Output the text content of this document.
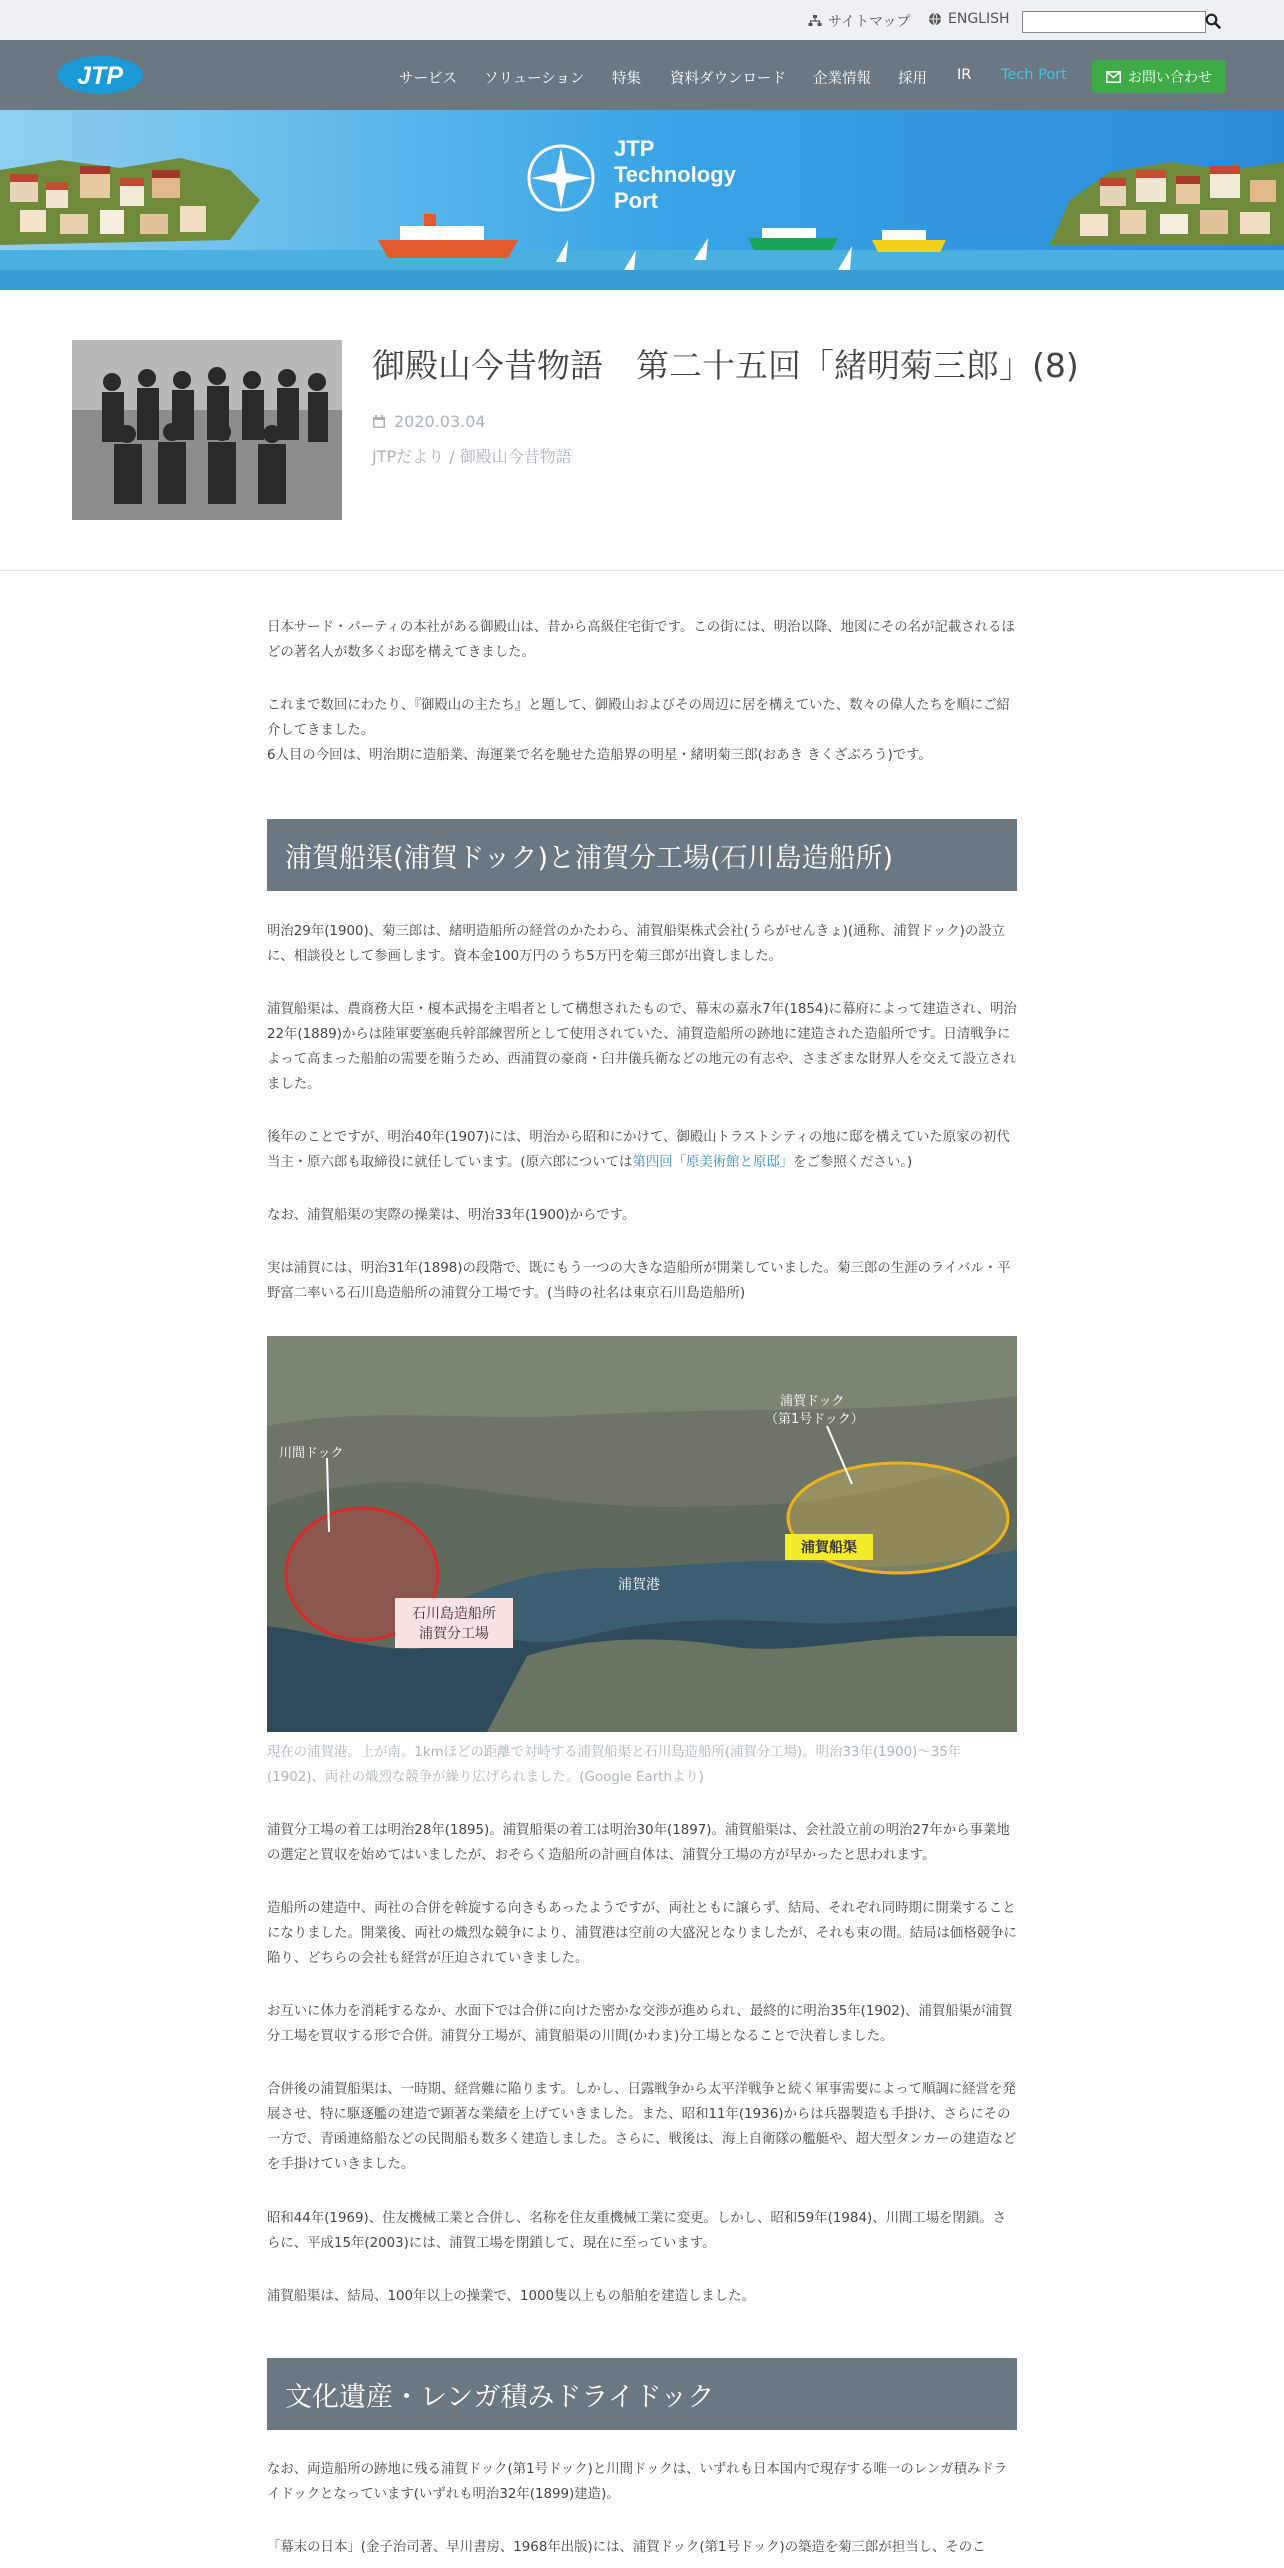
サイトマップ	ENGLISH
JTP	サービス ソリューション 特集 資料ダウンロード 企業情報 採用 IR Tech Port	お問い合わせ
JTP
Technology
Port
御殿山今昔物語　第二十五回「緒明菊三郎」(8)
2020.03.04
JTPだより / 御殿山今昔物語
日本サード・パーティの本社がある御殿山は、昔から高級住宅街です。この街には、明治以降、地図にその名が記載されるほどの著名人が数多くお邸を構えてきました。
これまで数回にわたり、『御殿山の主たち』と題して、御殿山およびその周辺に居を構えていた、数々の偉人たちを順にご紹介してきました。
6人目の今回は、明治期に造船業、海運業で名を馳せた造船界の明星・緒明菊三郎(おあき きくざぶろう)です。
浦賀船渠(浦賀ドック)と浦賀分工場(石川島造船所)
明治29年(1900)、菊三郎は、緒明造船所の経営のかたわら、浦賀船渠株式会社(うらがせんきょ)(通称、浦賀ドック)の設立に、相談役として参画します。資本金100万円のうち5万円を菊三郎が出資しました。
浦賀船渠は、農商務大臣・榎本武揚を主唱者として構想されたもので、幕末の嘉永7年(1854)に幕府によって建造され、明治22年(1889)からは陸軍要塞砲兵幹部練習所として使用されていた、浦賀造船所の跡地に建造された造船所です。日清戦争によって高まった船舶の需要を賄うため、西浦賀の豪商・臼井儀兵衛などの地元の有志や、さまざまな財界人を交えて設立されました。
後年のことですが、明治40年(1907)には、明治から昭和にかけて、御殿山トラストシティの地に邸を構えていた原家の初代当主・原六郎も取締役に就任しています。(原六郎については第四回「原美術館と原邸」をご参照ください。)
なお、浦賀船渠の実際の操業は、明治33年(1900)からです。
実は浦賀には、明治31年(1898)の段階で、既にもう一つの大きな造船所が開業していました。菊三郎の生涯のライバル・平野富二率いる石川島造船所の浦賀分工場です。(当時の社名は東京石川島造船所)
川間ドック
浦賀ドック
（第1号ドック）
浦賀船渠
浦賀港
石川島造船所
浦賀分工場
現在の浦賀港。上が南。1kmほどの距離で対峙する浦賀船渠と石川島造船所(浦賀分工場)。明治33年(1900)～35年(1902)、両社の熾烈な競争が繰り広げられました。(Google Earthより)
浦賀分工場の着工は明治28年(1895)。浦賀船渠の着工は明治30年(1897)。浦賀船渠は、会社設立前の明治27年から事業地の選定と買収を始めてはいましたが、おそらく造船所の計画自体は、浦賀分工場の方が早かったと思われます。
造船所の建造中、両社の合併を斡旋する向きもあったようですが、両社ともに譲らず、結局、それぞれ同時期に開業することになりました。開業後、両社の熾烈な競争により、浦賀港は空前の大盛況となりましたが、それも束の間。結局は価格競争に陥り、どちらの会社も経営が圧迫されていきました。
お互いに体力を消耗するなか、水面下では合併に向けた密かな交渉が進められ、最終的に明治35年(1902)、浦賀船渠が浦賀分工場を買収する形で合併。浦賀分工場が、浦賀船渠の川間(かわま)分工場となることで決着しました。
合併後の浦賀船渠は、一時期、経営難に陥ります。しかし、日露戦争から太平洋戦争と続く軍事需要によって順調に経営を発展させ、特に駆逐艦の建造で顕著な業績を上げていきました。また、昭和11年(1936)からは兵器製造も手掛け、さらにその一方で、青函連絡船などの民間船も数多く建造しました。さらに、戦後は、海上自衛隊の艦艇や、超大型タンカーの建造などを手掛けていきました。
昭和44年(1969)、住友機械工業と合併し、名称を住友重機械工業に変更。しかし、昭和59年(1984)、川間工場を閉鎖。さらに、平成15年(2003)には、浦賀工場を閉鎖して、現在に至っています。
浦賀船渠は、結局、100年以上の操業で、1000隻以上もの船舶を建造しました。
文化遺産・レンガ積みドライドック
なお、両造船所の跡地に残る浦賀ドック(第1号ドック)と川間ドックは、いずれも日本国内で現存する唯一のレンガ積みドライドックとなっています(いずれも明治32年(1899)建造)。
「幕末の日本」(金子治司著、早川書房、1968年出版)には、浦賀ドック(第1号ドック)の築造を菊三郎が担当し、そのこ
